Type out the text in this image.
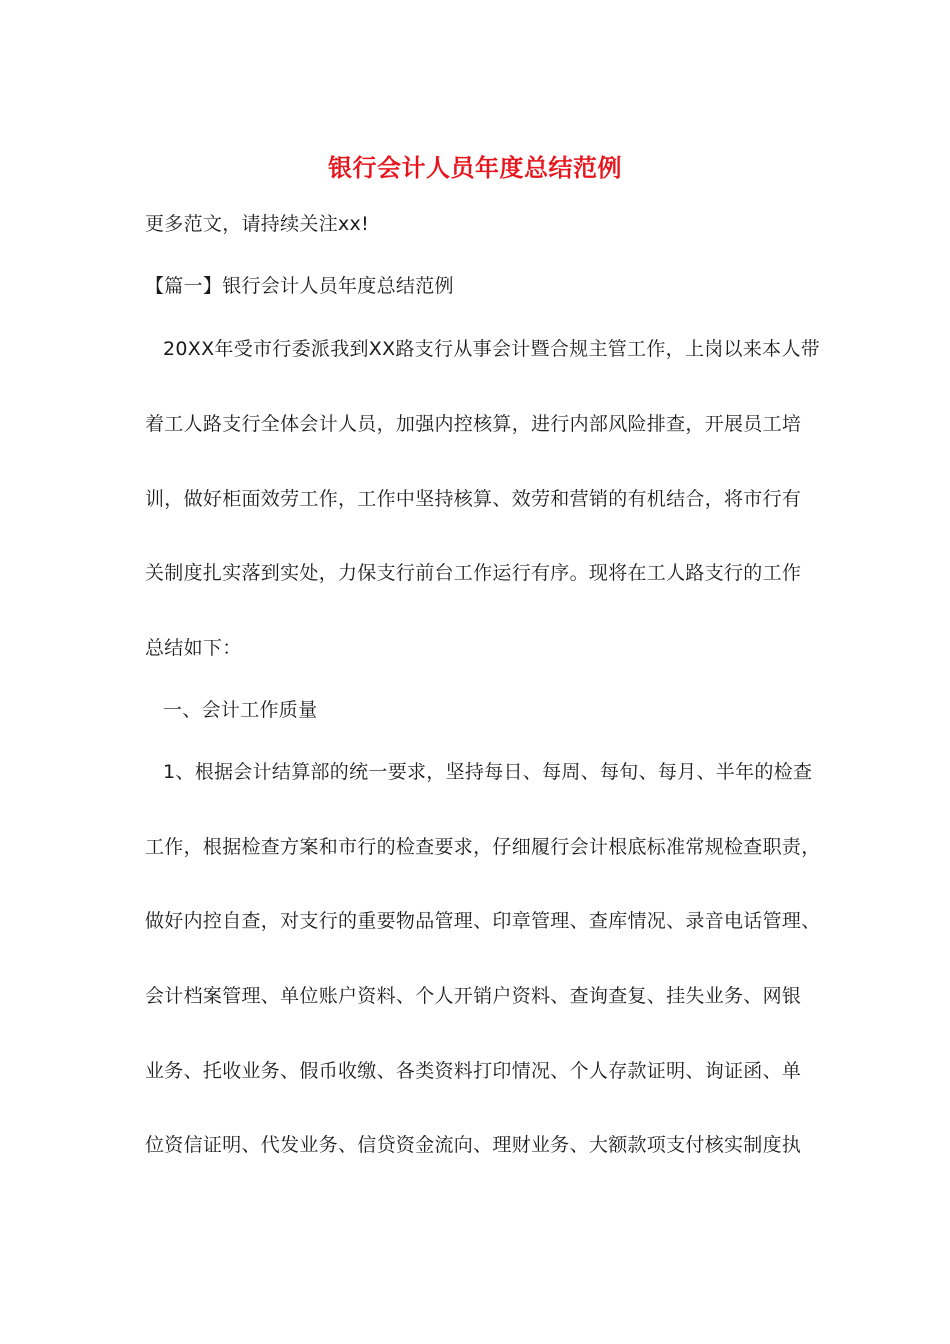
银行会计人员年度总结范例
更多范文，请持续关注xx!
【篇一】银行会计人员年度总结范例
20XX年受市行委派我到XX路支行从事会计暨合规主管工作，上岗以来本人带
着工人路支行全体会计人员，加强内控核算，进行内部风险排查，开展员工培
训，做好柜面效劳工作，工作中坚持核算、效劳和营销的有机结合，将市行有
关制度扎实落到实处，力保支行前台工作运行有序。现将在工人路支行的工作
总结如下：
一、会计工作质量
1、根据会计结算部的统一要求，坚持每日、每周、每旬、每月、半年的检查
工作，根据检查方案和市行的检查要求，仔细履行会计根底标准常规检查职责，
做好内控自查，对支行的重要物品管理、印章管理、查库情况、录音电话管理、
会计档案管理、单位账户资料、个人开销户资料、查询查复、挂失业务、网银
业务、托收业务、假币收缴、各类资料打印情况、个人存款证明、询证函、单
位资信证明、代发业务、信贷资金流向、理财业务、大额款项支付核实制度执
